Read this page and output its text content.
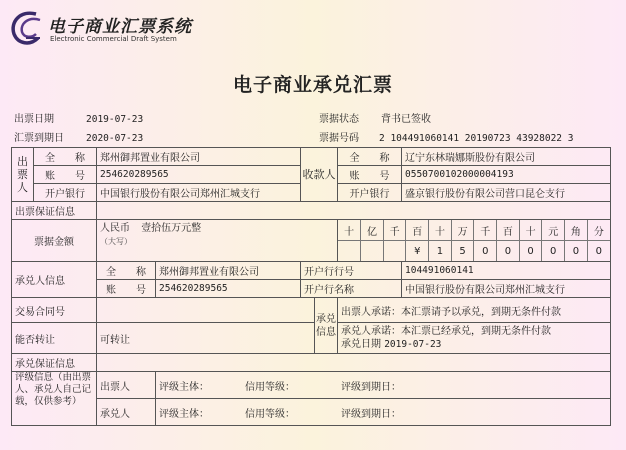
电子商业汇票系统
Electronic Commercial Draft System
电子商业承兑汇票
出票日期	2019-07-23
汇票到期日 2020-07-23
票据状态 背书已签收
票据号码 2 104491060141 20190723 43928022 3
出票人	全　　称	郑州御邦置业有限公司	收款人	全　　称	辽宁东林瑞娜斯股份有限公司
账　　号	254620289565	账　　号	0550700102000004193
开户银行	中国银行股份有限公司郑州汇城支行	开户银行	盛京银行股份有限公司营口昆仑支行
出票保证信息	
票据金额	人民币 壹拾伍万元整
（大写）	
十	亿	千	百	十	万	千	百	十	元	角	分
			¥	1	5	0	0	0	0	0	0

承兑人信息	全　　称	郑州御邦置业有限公司	开户行行号	104491060141
账　　号	254620289565	开户行名称	中国银行股份有限公司郑州汇城支行
交易合同号		承兑信息	出票人承诺：本汇票请予以承兑，到期无条件付款
能否转让	可转让	
承兑人承诺：本汇票已经承兑，到期无条件付款
承兑日期 2019-07-23

承兑保证信息	
评级信息（由出票人、承兑人自己记载，仅供参考）	出票人	评级主体：	信用等级：	评级到期日：	
承兑人	评级主体：	信用等级：	评级到期日：	
